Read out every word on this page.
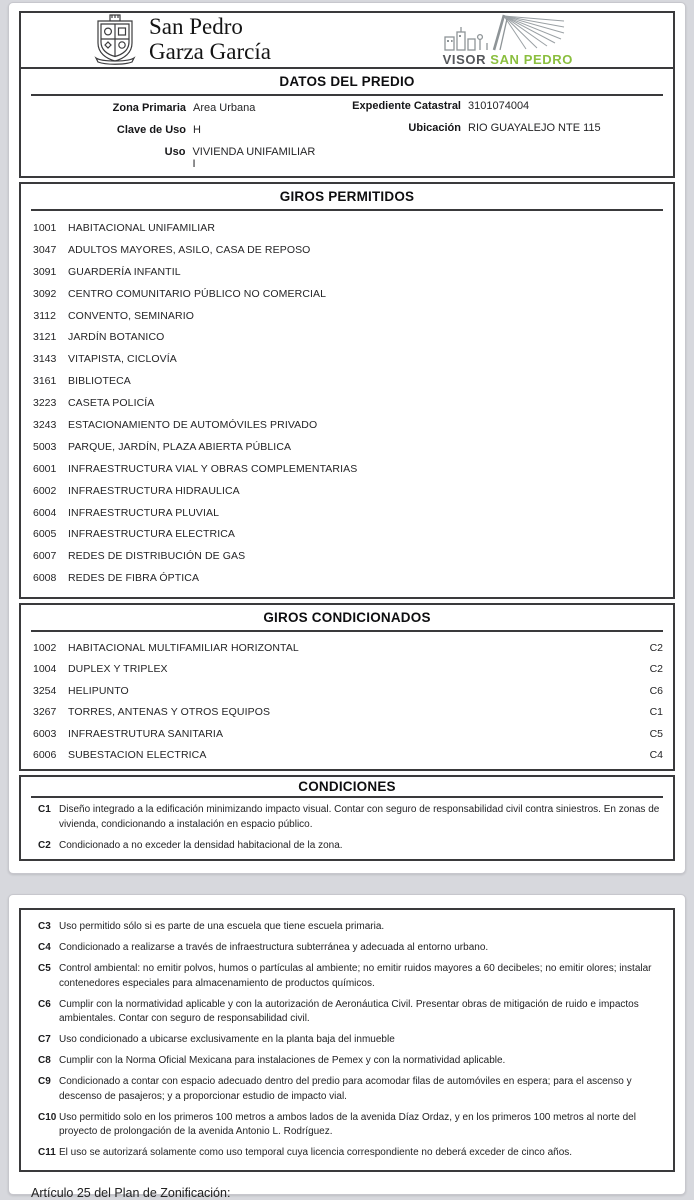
San Pedro
Garza García	VISOR SAN PEDRO
DATOS DEL PREDIO
Zona Primaria Area Urbana
Clave de Uso H
Uso VIVIENDA UNIFAMILIAR I
Expediente Catastral 3101074004
Ubicación RIO GUAYALEJO NTE 115
GIROS PERMITIDOS
1001 HABITACIONAL UNIFAMILIAR
3047 ADULTOS MAYORES, ASILO, CASA DE REPOSO
3091 GUARDERÍA INFANTIL
3092 CENTRO COMUNITARIO PÚBLICO NO COMERCIAL
3112 CONVENTO, SEMINARIO
3121 JARDÍN BOTANICO
3143 VITAPISTA, CICLOVÍA
3161 BIBLIOTECA
3223 CASETA POLICÍA
3243 ESTACIONAMIENTO DE AUTOMÓVILES PRIVADO
5003 PARQUE, JARDÍN, PLAZA ABIERTA PÚBLICA
6001 INFRAESTRUCTURA VIAL Y OBRAS COMPLEMENTARIAS
6002 INFRAESTRUCTURA HIDRAULICA
6004 INFRAESTRUCTURA PLUVIAL
6005 INFRAESTRUCTURA ELECTRICA
6007 REDES DE DISTRIBUCIÓN DE GAS
6008 REDES DE FIBRA ÓPTICA
GIROS CONDICIONADOS
1002 HABITACIONAL MULTIFAMILIAR HORIZONTAL	C2
1004 DUPLEX Y TRIPLEX	C2
3254 HELIPUNTO	C6
3267 TORRES, ANTENAS Y OTROS EQUIPOS	C1
6003 INFRAESTRUTURA SANITARIA	C5
6006 SUBESTACION ELECTRICA	C4
CONDICIONES
C1 Diseño integrado a la edificación minimizando impacto visual. Contar con seguro de responsabilidad civil contra siniestros. En zonas de vivienda, condicionando a instalación en espacio público.
C2 Condicionado a no exceder la densidad habitacional de la zona.
C3 Uso permitido sólo si es parte de una escuela que tiene escuela primaria.
C4 Condicionado a realizarse a través de infraestructura subterránea y adecuada al entorno urbano.
C5 Control ambiental: no emitir polvos, humos o partículas al ambiente; no emitir ruidos mayores a 60 decibeles; no emitir olores; instalar contenedores especiales para almacenamiento de productos químicos.
C6 Cumplir con la normatividad aplicable y con la autorización de Aeronáutica Civil. Presentar obras de mitigación de ruido e impactos ambientales. Contar con seguro de responsabilidad civil.
C7 Uso condicionado a ubicarse exclusivamente en la planta baja del inmueble
C8 Cumplir con la Norma Oficial Mexicana para instalaciones de Pemex y con la normatividad aplicable.
C9 Condicionado a contar con espacio adecuado dentro del predio para acomodar filas de automóviles en espera; para el ascenso y descenso de pasajeros; y a proporcionar estudio de impacto vial.
C10 Uso permitido solo en los primeros 100 metros a ambos lados de la avenida Díaz Ordaz, y en los primeros 100 metros al norte del proyecto de prolongación de la avenida Antonio L. Rodríguez.
C11 El uso se autorizará solamente como uso temporal cuya licencia correspondiente no deberá exceder de cinco años.
Artículo 25 del Plan de Zonificación:
